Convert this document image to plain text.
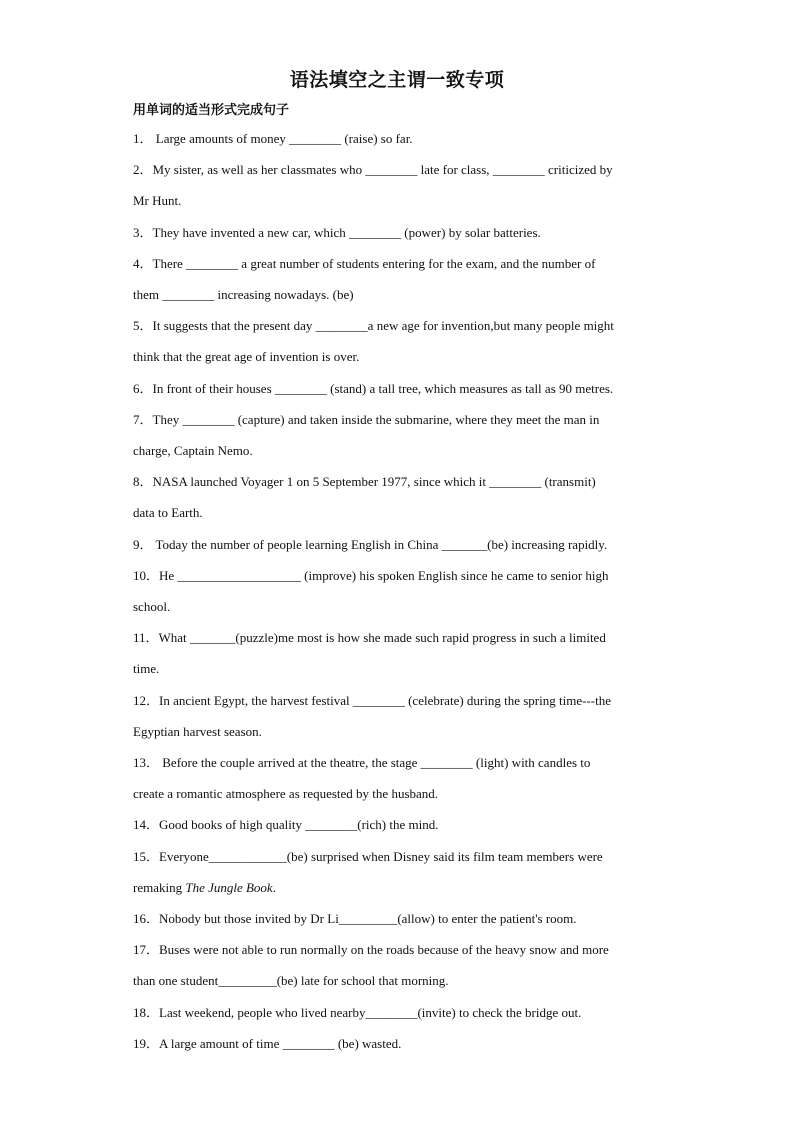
语法填空之主谓一致专项
用单词的适当形式完成句子
1． Large amounts of money ________ (raise) so far.
2．My sister, as well as her classmates who ________ late for class, ________ criticized by
Mr Hunt.
3．They have invented a new car, which ________ (power) by solar batteries.
4．There ________ a great number of students entering for the exam, and the number of
them ________ increasing nowadays. (be)
5．It suggests that the present day ________a new age for invention,but many people might
think that the great age of invention is over.
6．In front of their houses ________ (stand) a tall tree, which measures as tall as 90 metres.
7．They ________ (capture) and taken inside the submarine, where they meet the man in
charge, Captain Nemo.
8．NASA launched Voyager 1 on 5 September 1977, since which it ________ (transmit)
data to Earth.
9． Today the number of people learning English in China _______(be) increasing rapidly.
10．He ___________________ (improve) his spoken English since he came to senior high
school.
11．What _______(puzzle)me most is how she made such rapid progress in such a limited
time.
12．In ancient Egypt, the harvest festival ________ (celebrate) during the spring time---the
Egyptian harvest season.
13． Before the couple arrived at the theatre, the stage ________ (light) with candles to
create a romantic atmosphere as requested by the husband.
14．Good books of high quality ________(rich) the mind.
15．Everyone____________(be) surprised when Disney said its film team members were
remaking The Jungle Book.
16．Nobody but those invited by Dr Li_________(allow) to enter the patient's room.
17．Buses were not able to run normally on the roads because of the heavy snow and more
than one student_________(be) late for school that morning.
18．Last weekend, people who lived nearby________(invite) to check the bridge out.
19．A large amount of time ________ (be) wasted.
